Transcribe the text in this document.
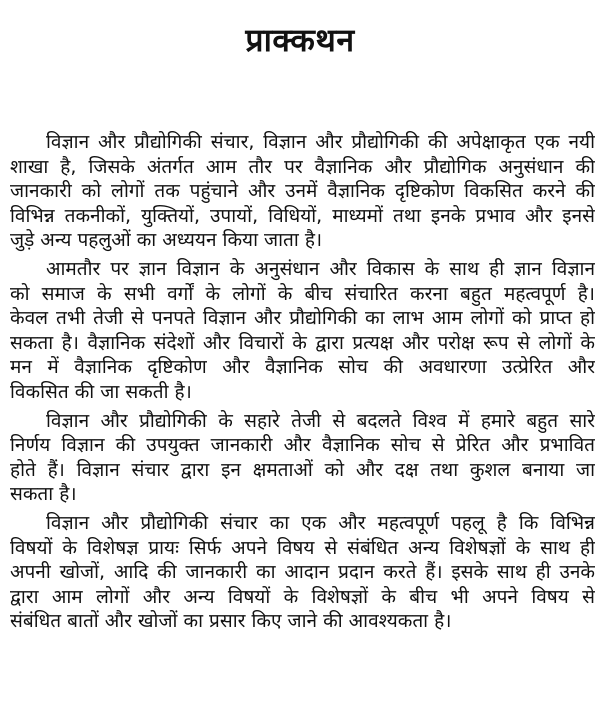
प्राक्कथन
विज्ञान और प्रौद्योगिकी संचार, विज्ञान और प्रौद्योगिकी की अपेक्षाकृत एक नयी
शाखा है, जिसके अंतर्गत आम तौर पर वैज्ञानिक और प्रौद्योगिक अनुसंधान की
जानकारी को लोगों तक पहुंचाने और उनमें वैज्ञानिक दृष्टिकोण विकसित करने की
विभिन्न तकनीकों, युक्तियों, उपायों, विधियों, माध्यमों तथा इनके प्रभाव और इनसे
जुड़े अन्य पहलुओं का अध्ययन किया जाता है।
आमतौर पर ज्ञान विज्ञान के अनुसंधान और विकास के साथ ही ज्ञान विज्ञान
को समाज के सभी वर्गों के लोगों के बीच संचारित करना बहुत महत्वपूर्ण है।
केवल तभी तेजी से पनपते विज्ञान और प्रौद्योगिकी का लाभ आम लोगों को प्राप्त हो
सकता है। वैज्ञानिक संदेशों और विचारों के द्वारा प्रत्यक्ष और परोक्ष रूप से लोगों के
मन में वैज्ञानिक दृष्टिकोण और वैज्ञानिक सोच की अवधारणा उत्प्रेरित और
विकसित की जा सकती है।
विज्ञान और प्रौद्योगिकी के सहारे तेजी से बदलते विश्व में हमारे बहुत सारे
निर्णय विज्ञान की उपयुक्त जानकारी और वैज्ञानिक सोच से प्रेरित और प्रभावित
होते हैं। विज्ञान संचार द्वारा इन क्षमताओं को और दक्ष तथा कुशल बनाया जा
सकता है।
विज्ञान और प्रौद्योगिकी संचार का एक और महत्वपूर्ण पहलू है कि विभिन्न
विषयों के विशेषज्ञ प्रायः सिर्फ अपने विषय से संबंधित अन्य विशेषज्ञों के साथ ही
अपनी खोजों, आदि की जानकारी का आदान प्रदान करते हैं। इसके साथ ही उनके
द्वारा आम लोगों और अन्य विषयों के विशेषज्ञों के बीच भी अपने विषय से
संबंधित बातों और खोजों का प्रसार किए जाने की आवश्यकता है।
